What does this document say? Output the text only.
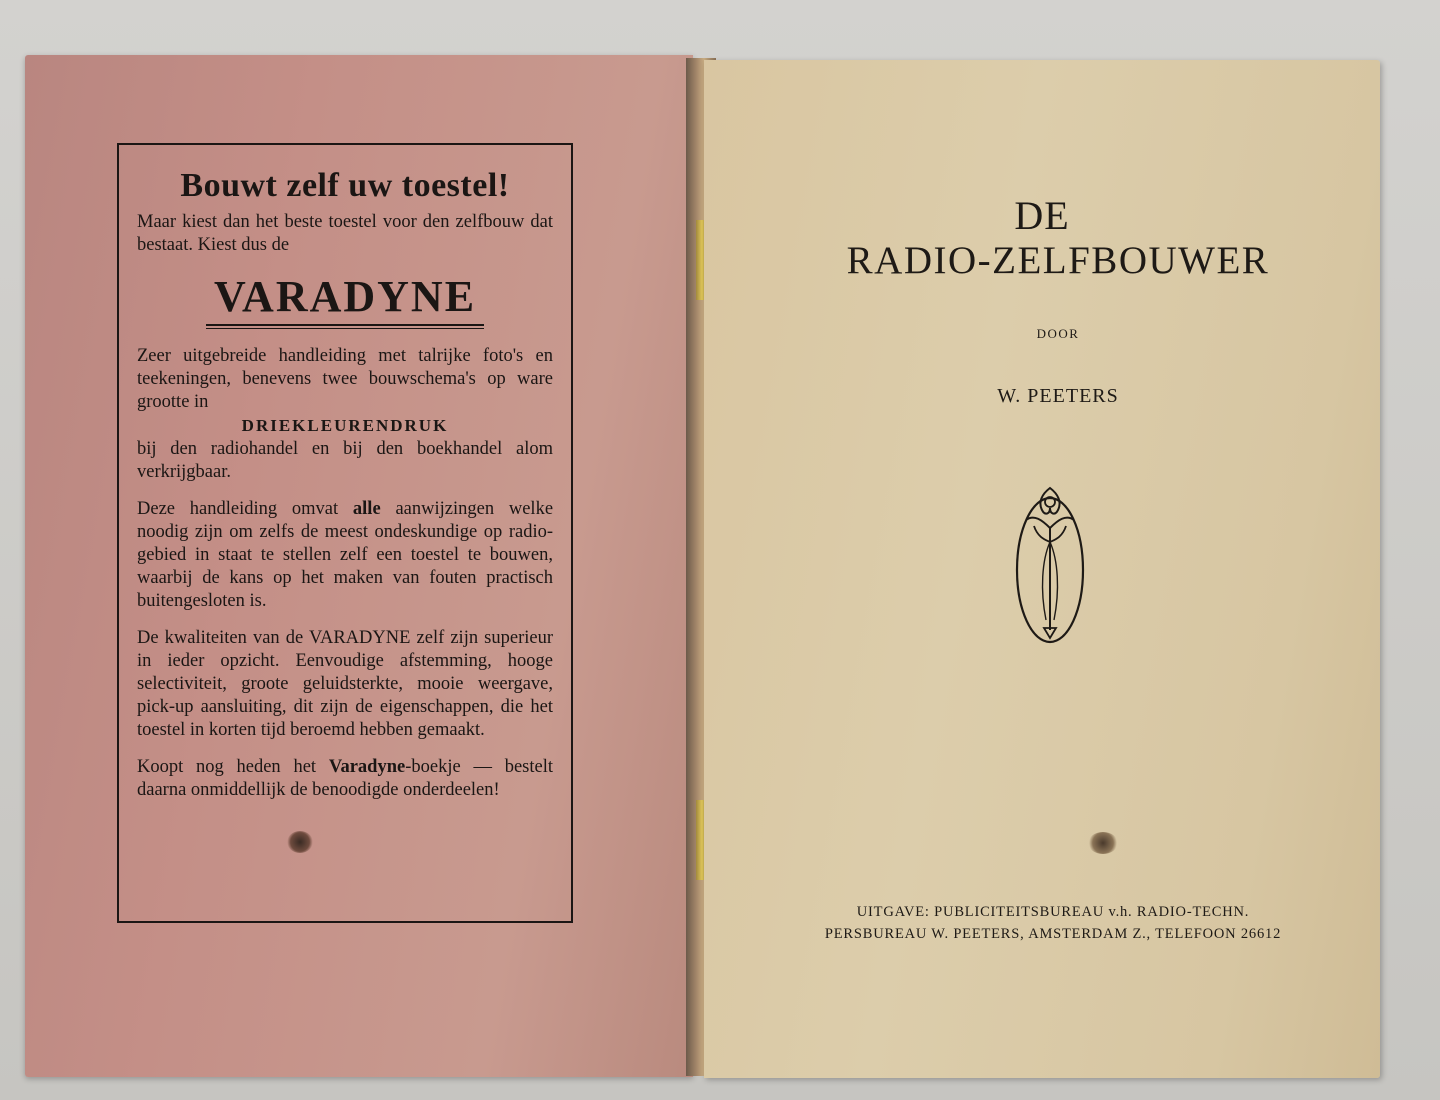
Bouwt zelf uw toestel!

Maar kiest dan het beste toestel voor den zelfbouw dat bestaat. Kiest dus de

VARADYNE

Zeer uitgebreide handleiding met talrijke foto's en teekeningen, benevens twee bouwschema's op ware grootte in

DRIEKLEURENDRUK

bij den radiohandel en bij den boekhandel alom verkrijgbaar.

Deze handleiding omvat alle aanwijzingen welke noodig zijn om zelfs de meest ondeskundige op radio-gebied in staat te stellen zelf een toestel te bouwen, waarbij de kans op het maken van fouten practisch buitengesloten is.

De kwaliteiten van de VARADYNE zelf zijn superieur in ieder opzicht. Eenvoudige afstemming, hooge selectiviteit, groote geluidsterkte, mooie weergave, pick-up aansluiting, dit zijn de eigenschappen, die het toestel in korten tijd beroemd hebben gemaakt.

Koopt nog heden het Varadyne-boekje — bestelt daarna onmiddellijk de benoodigde onderdeelen!

DE
RADIO-ZELFBOUWER
DOOR
W. PEETERS
UITGAVE: PUBLICITEITSBUREAU v.h. RADIO-TECHN.
PERSBUREAU W. PEETERS, AMSTERDAM Z., TELEFOON 26612
